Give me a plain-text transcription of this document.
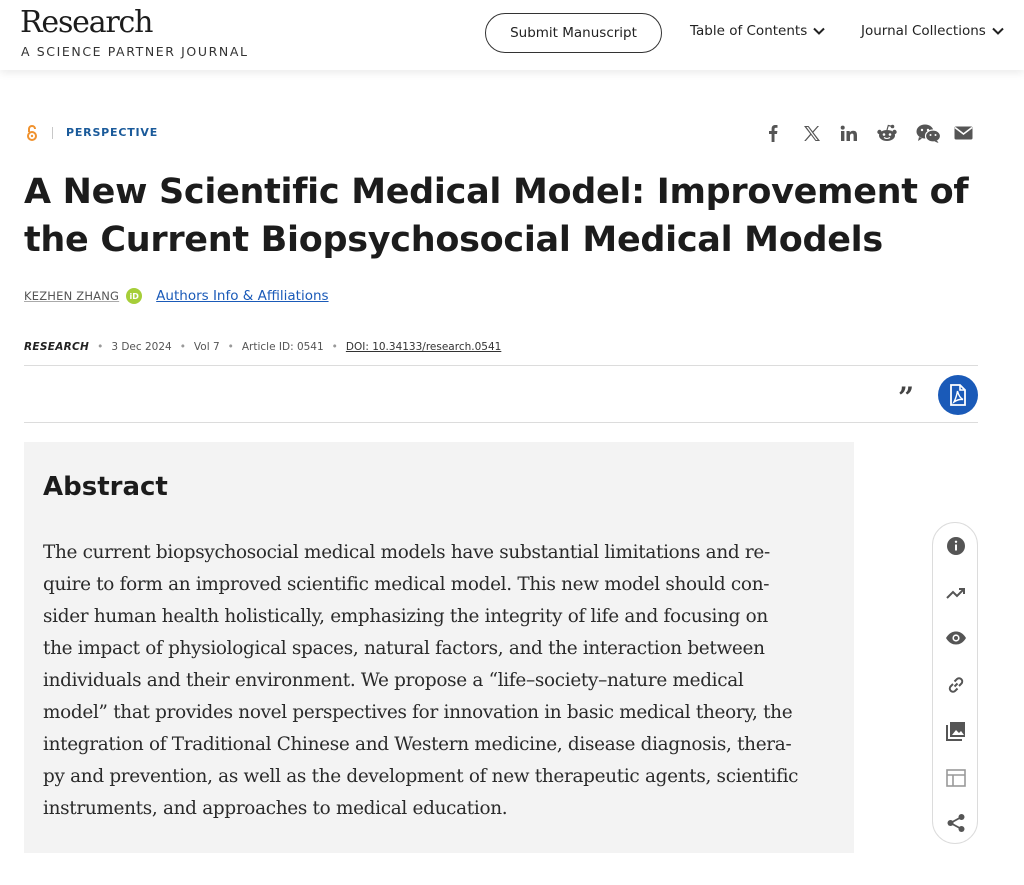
Research
A SCIENCE PARTNER JOURNAL
Submit Manuscript	Table of Contents	Journal Collections
PERSPECTIVE
A New Scientific Medical Model: Improvement of the Current Biopsychosocial Medical Models
KEZHEN ZHANG	iD Authors Info & Affiliations
RESEARCH • 3 Dec 2024 • Vol 7 • Article ID: 0541 • DOI: 10.34133/research.0541
”
Abstract
The current biopsychosocial medical models have substantial limitations and re-
quire to form an improved scientific medical model. This new model should con-
sider human health holistically, emphasizing the integrity of life and focusing on
the impact of physiological spaces, natural factors, and the interaction between
individuals and their environment. We propose a “life–society–nature medical
model” that provides novel perspectives for innovation in basic medical theory, the
integration of Traditional Chinese and Western medicine, disease diagnosis, thera-
py and prevention, as well as the development of new therapeutic agents, scientific
instruments, and approaches to medical education.
